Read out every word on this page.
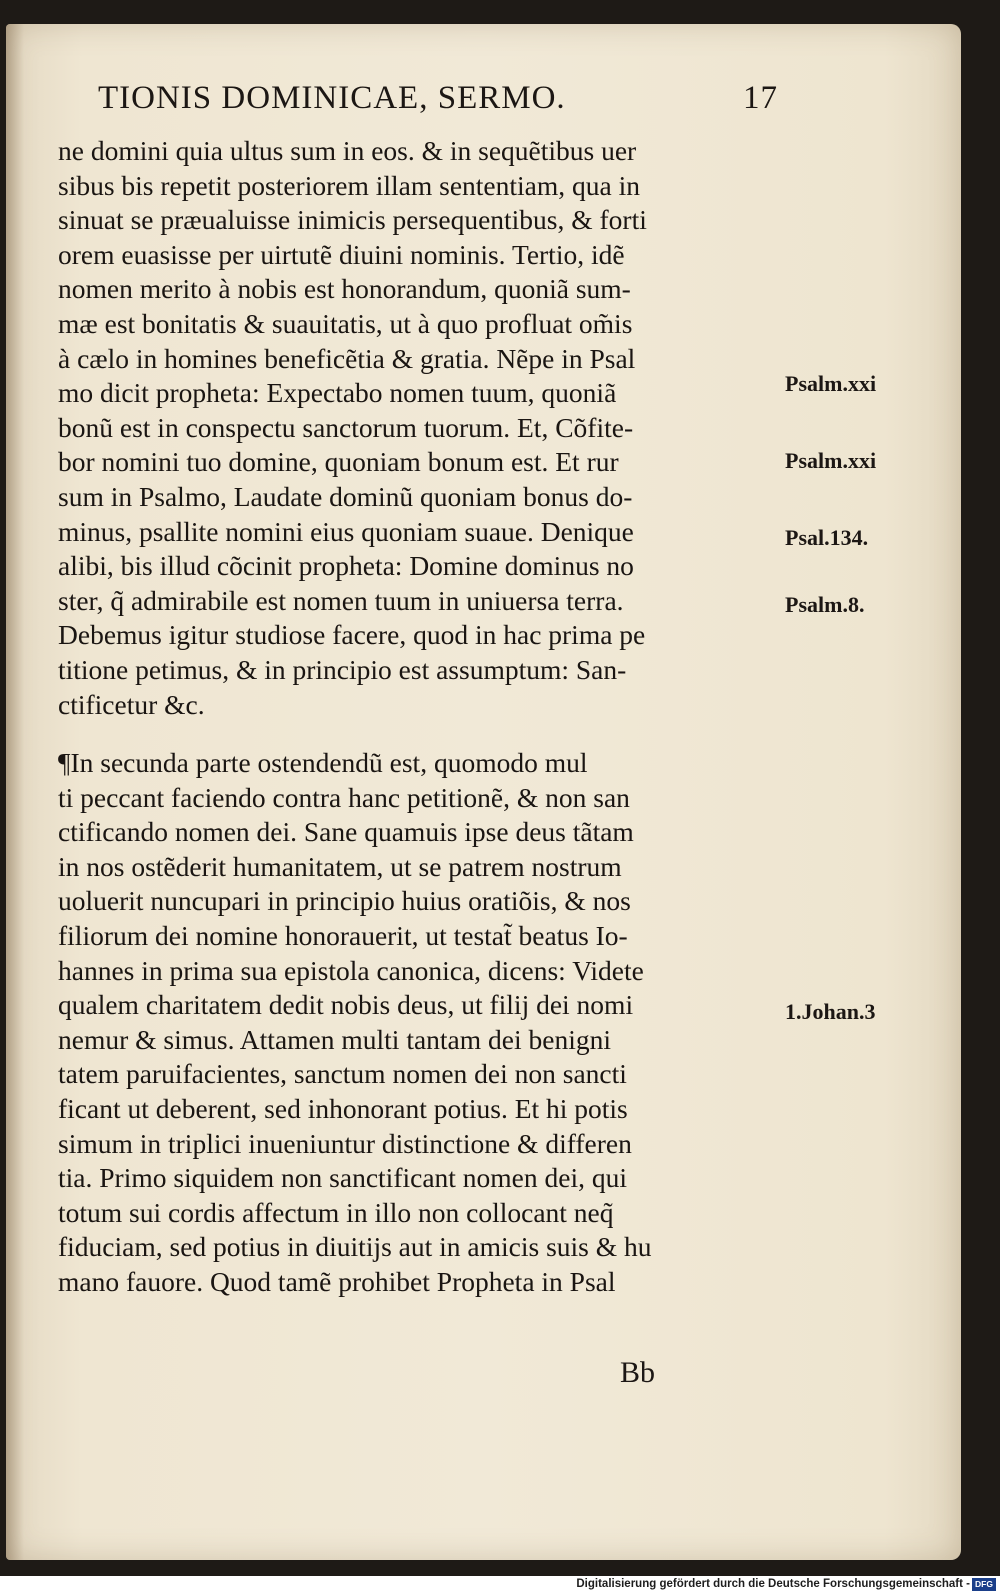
TIONIS DOMINICAE, SERMO.	17
ne domini quia ultus sum in eos. & in sequẽtibus uer
sibus bis repetit posteriorem illam sententiam, qua in
sinuat se præualuisse inimicis persequentibus, & forti
orem euasisse per uirtutẽ diuini nominis. Tertio, idẽ
nomen merito à nobis est honorandum, quoniã sum-
mæ est bonitatis & suauitatis, ut à quo profluat om̃is
à cælo in homines beneficẽtia & gratia. Nẽpe in Psal
mo dicit propheta: Expectabo nomen tuum, quoniã
bonũ est in conspectu sanctorum tuorum. Et, Cõfite-
bor nomini tuo domine, quoniam bonum est. Et rur
sum in Psalmo, Laudate dominũ quoniam bonus do-
minus, psallite nomini eius quoniam suaue. Denique
alibi, bis illud cõcinit propheta: Domine dominus no
ster, q̃ admirabile est nomen tuum in uniuersa terra.
Debemus igitur studiose facere, quod in hac prima pe
titione petimus, & in principio est assumptum: San-
ctificetur &c.
¶In secunda parte ostendendũ est, quomodo mul
ti peccant faciendo contra hanc petitionẽ, & non san
ctificando nomen dei. Sane quamuis ipse deus tãtam
in nos ostẽderit humanitatem, ut se patrem nostrum
uoluerit nuncupari in principio huius oratiõis, & nos
filiorum dei nomine honorauerit, ut testat̃ beatus Io-
hannes in prima sua epistola canonica, dicens: Videte
qualem charitatem dedit nobis deus, ut filij dei nomi
nemur & simus. Attamen multi tantam dei benigni
tatem paruifacientes, sanctum nomen dei non sancti
ficant ut deberent, sed inhonorant potius. Et hi potis
simum in triplici inueniuntur distinctione & differen
tia. Primo siquidem non sanctificant nomen dei, qui
totum sui cordis affectum in illo non collocant neq̃
fiduciam, sed potius in diuitijs aut in amicis suis & hu
mano fauore. Quod tamẽ prohibet Propheta in Psal
Psalm.xxi
Psalm.xxi
Psal.134.
Psalm.8.
1.Johan.3
Bb
Digitalisierung gefördert durch die Deutsche Forschungsgemeinschaft - DFG
